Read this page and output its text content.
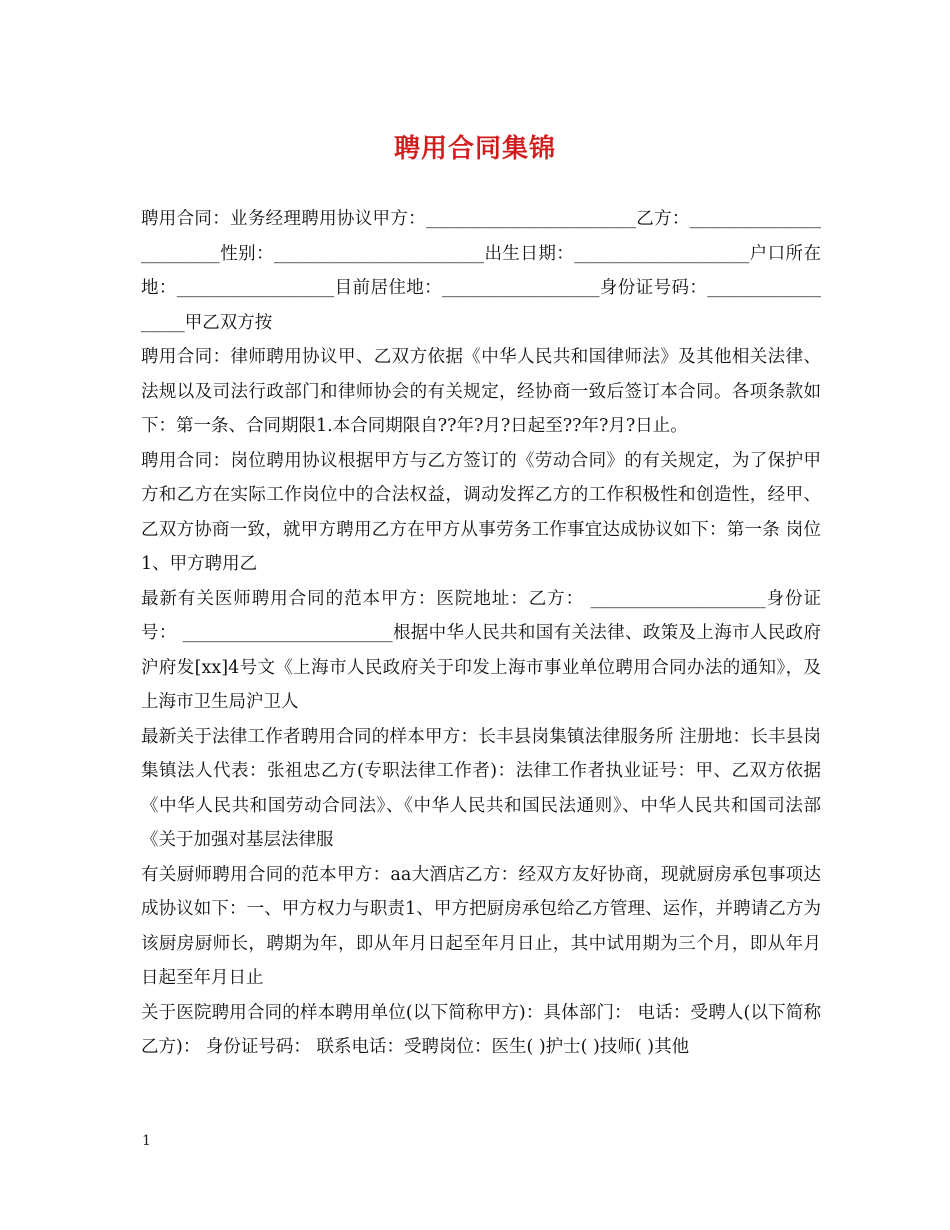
聘用合同集锦

聘用合同：业务经理聘用协议甲方：________________________乙方：________________________性别：________________________出生日期：____________________户口所在地：__________________目前居住地：__________________身份证号码：__________________甲乙双方按

聘用合同：律师聘用协议甲、乙双方依据《中华人民共和国律师法》及其他相关法律、法规以及司法行政部门和律师协会的有关规定，经协商一致后签订本合同。各项条款如下：第一条、合同期限1.本合同期限自??年?月?日起至??年?月?日止。

聘用合同：岗位聘用协议根据甲方与乙方签订的《劳动合同》的有关规定，为了保护甲方和乙方在实际工作岗位中的合法权益，调动发挥乙方的工作积极性和创造性，经甲、乙双方协商一致，就甲方聘用乙方在甲方从事劳务工作事宜达成协议如下：第一条 岗位1、甲方聘用乙

最新有关医师聘用合同的范本甲方：医院地址：乙方： ____________________身份证号： ________________________根据中华人民共和国有关法律、政策及上海市人民政府沪府发[xx]4号文《上海市人民政府关于印发上海市事业单位聘用合同办法的通知》，及上海市卫生局沪卫人

最新关于法律工作者聘用合同的样本甲方：长丰县岗集镇法律服务所 注册地：长丰县岗集镇法人代表：张祖忠乙方(专职法律工作者)：法律工作者执业证号：甲、乙双方依据《中华人民共和国劳动合同法》、《中华人民共和国民法通则》、中华人民共和国司法部《关于加强对基层法律服

有关厨师聘用合同的范本甲方：aa大酒店乙方：经双方友好协商，现就厨房承包事项达成协议如下：一、甲方权力与职责1、甲方把厨房承包给乙方管理、运作，并聘请乙方为该厨房厨师长，聘期为年，即从年月日起至年月日止，其中试用期为三个月，即从年月日起至年月日止

关于医院聘用合同的样本聘用单位(以下简称甲方)：具体部门： 电话：受聘人(以下简称乙方)： 身份证号码： 联系电话：受聘岗位：医生( )护士( )技师( )其他

1
